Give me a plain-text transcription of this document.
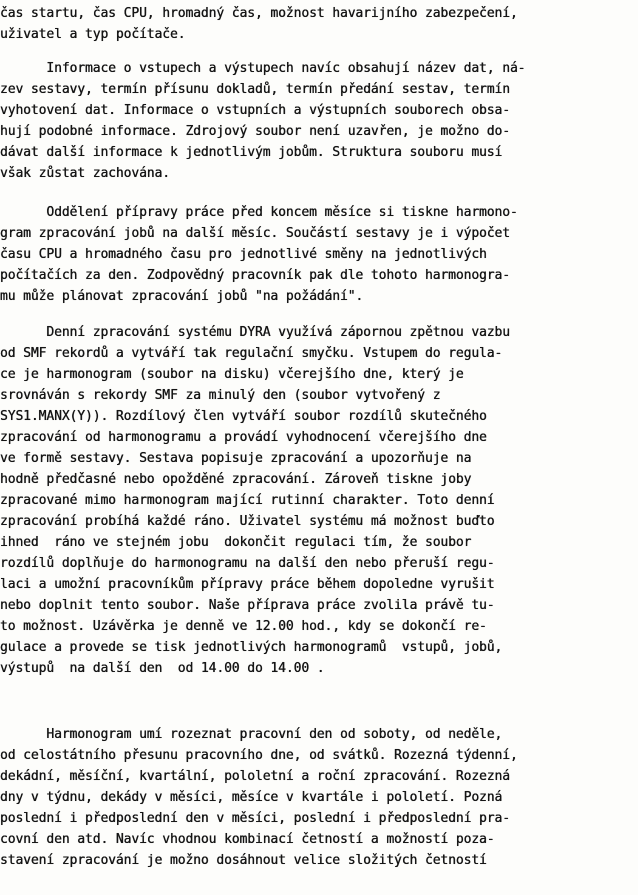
čas startu, čas CPU, hromadný čas, možnost havarijního zabezpečení,
uživatel a typ počítače.
Informace o vstupech a výstupech navíc obsahují název dat, ná-
zev sestavy, termín přísunu dokladů, termín předání sestav, termín
vyhotovení dat. Informace o vstupních a výstupních souborech obsa-
hují podobné informace. Zdrojový soubor není uzavřen, je možno do-
dávat další informace k jednotlivým jobům. Struktura souboru musí
však zůstat zachována.
Oddělení přípravy práce před koncem měsíce si tiskne harmono-
gram zpracování jobů na další měsíc. Součástí sestavy je i výpočet
času CPU a hromadného času pro jednotlivé směny na jednotlivých
počítačích za den. Zodpovědný pracovník pak dle tohoto harmonogra-
mu může plánovat zpracování jobů "na požádání".
Denní zpracování systému DYRA využívá zápornou zpětnou vazbu
od SMF rekordů a vytváří tak regulační smyčku. Vstupem do regula-
ce je harmonogram (soubor na disku) včerejšího dne, který je
srovnáván s rekordy SMF za minulý den (soubor vytvořený z
SYS1.MANX(Y)). Rozdílový člen vytváří soubor rozdílů skutečného
zpracování od harmonogramu a provádí vyhodnocení včerejšího dne
ve formě sestavy. Sestava popisuje zpracování a upozorňuje na
hodně předčasné nebo opožděné zpracování. Zároveň tiskne joby
zpracované mimo harmonogram mající rutinní charakter. Toto denní
zpracování probíhá každé ráno. Uživatel systému má možnost buďto
ihned  ráno ve stejném jobu  dokončit regulaci tím, že soubor
rozdílů doplňuje do harmonogramu na další den nebo přeruší regu-
laci a umožní pracovníkům přípravy práce během dopoledne vyrušit
nebo doplnit tento soubor. Naše příprava práce zvolila právě tu-
to možnost. Uzávěrka je denně ve 12.00 hod., kdy se dokončí re-
gulace a provede se tisk jednotlivých harmonogramů  vstupů, jobů,
výstupů  na další den  od 14.00 do 14.00 .
Harmonogram umí rozeznat pracovní den od soboty, od neděle,
od celostátního přesunu pracovního dne, od svátků. Rozezná týdenní,
dekádní, měsíční, kvartální, pololetní a roční zpracování. Rozezná
dny v týdnu, dekády v měsíci, měsíce v kvartále i pololetí. Pozná
poslední i předposlední den v měsíci, poslední i předposlední pra-
covní den atd. Navíc vhodnou kombinací četností a možností poza-
stavení zpracování je možno dosáhnout velice složitých četností
